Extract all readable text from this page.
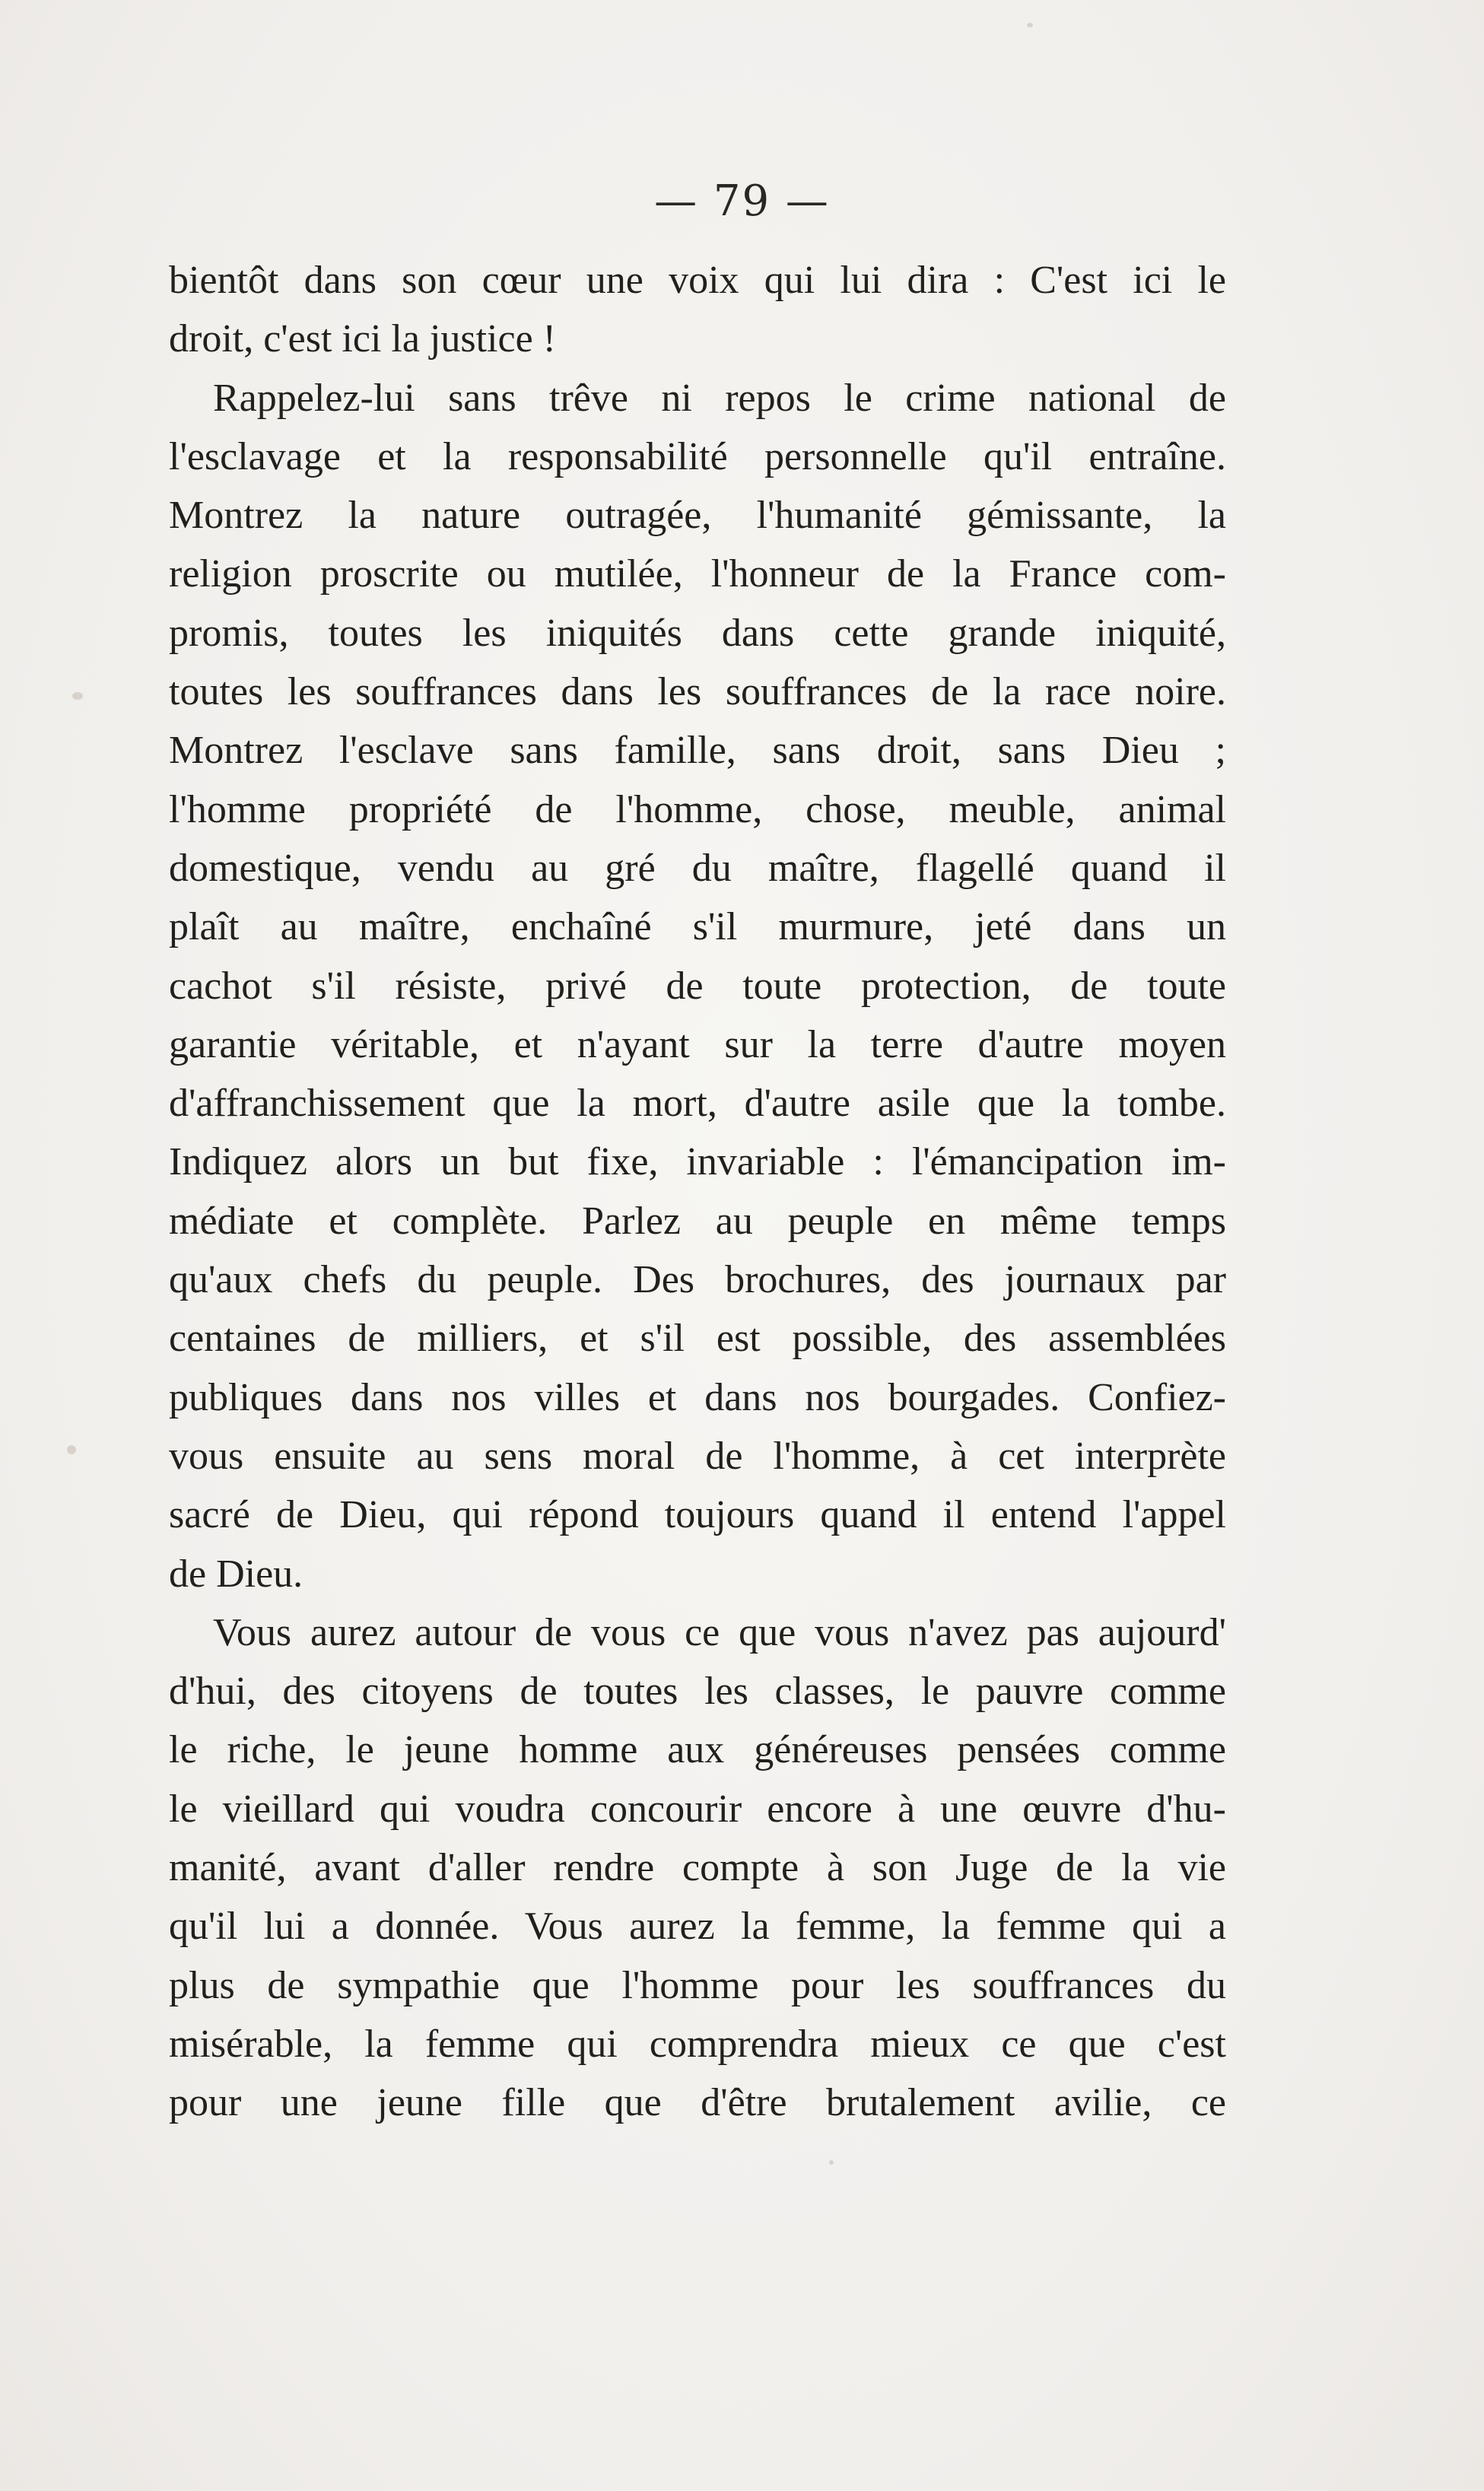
— 79 —
bientôt dans son cœur une voix qui lui dira : C'est ici le
droit, c'est ici la justice !
Rappelez-lui sans trêve ni repos le crime national de
l'esclavage et la responsabilité personnelle qu'il entraîne.
Montrez la nature outragée, l'humanité gémissante, la
religion proscrite ou mutilée, l'honneur de la France com-
promis, toutes les iniquités dans cette grande iniquité,
toutes les souffrances dans les souffrances de la race noire.
Montrez l'esclave sans famille, sans droit, sans Dieu ;
l'homme propriété de l'homme, chose, meuble, animal
domestique, vendu au gré du maître, flagellé quand il
plaît au maître, enchaîné s'il murmure, jeté dans un
cachot s'il résiste, privé de toute protection, de toute
garantie véritable, et n'ayant sur la terre d'autre moyen
d'affranchissement que la mort, d'autre asile que la tombe.
Indiquez alors un but fixe, invariable : l'émancipation im-
médiate et complète. Parlez au peuple en même temps
qu'aux chefs du peuple. Des brochures, des journaux par
centaines de milliers, et s'il est possible, des assemblées
publiques dans nos villes et dans nos bourgades. Confiez-
vous ensuite au sens moral de l'homme, à cet interprète
sacré de Dieu, qui répond toujours quand il entend l'appel
de Dieu.
Vous aurez autour de vous ce que vous n'avez pas aujourd'
d'hui, des citoyens de toutes les classes, le pauvre comme
le riche, le jeune homme aux généreuses pensées comme
le vieillard qui voudra concourir encore à une œuvre d'hu-
manité, avant d'aller rendre compte à son Juge de la vie
qu'il lui a donnée. Vous aurez la femme, la femme qui a
plus de sympathie que l'homme pour les souffrances du
misérable, la femme qui comprendra mieux ce que c'est
pour une jeune fille que d'être brutalement avilie, ce
